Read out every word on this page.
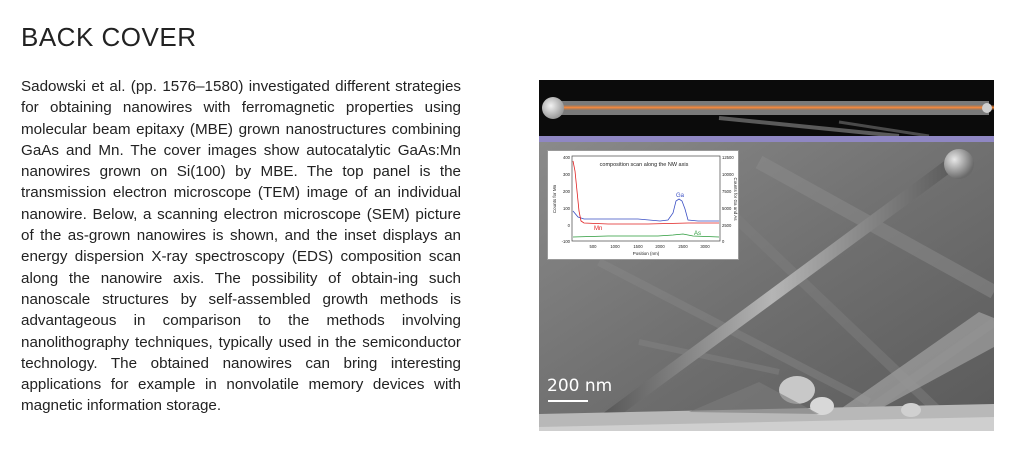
BACK COVER

Sadowski et al. (pp. 1576–1580) investigated different strategies for obtaining nanowires with ferromagnetic properties using molecular beam epitaxy (MBE) grown nanostructures combining GaAs and Mn. The cover images show autocatalytic GaAs:Mn nanowires grown on Si(100) by MBE. The top panel is the transmission electron microscope (TEM) image of an individual nanowire. Below, a scanning electron microscope (SEM) picture of the as-grown nanowires is shown, and the inset displays an energy dispersion X-ray spectroscopy (EDS) composition scan along the nanowire axis. The possibility of obtain-ing such nanoscale structures by self-assembled growth methods is advantageous in comparison to the methods involving nanolithography techniques, typically used in the semiconductor technology. The obtained nanowires can bring interesting applications for example in nonvolatile memory devices with magnetic information storage.

composition scan along the NW axis
Counts for Mn	Counts for Ga and As
Position (nm)
400
300
200
100
0
-100
12500
10000
7500
5000
2500
0
500	1000	1500	2000	2500	3000
Ga
Mn
As
200 nm
